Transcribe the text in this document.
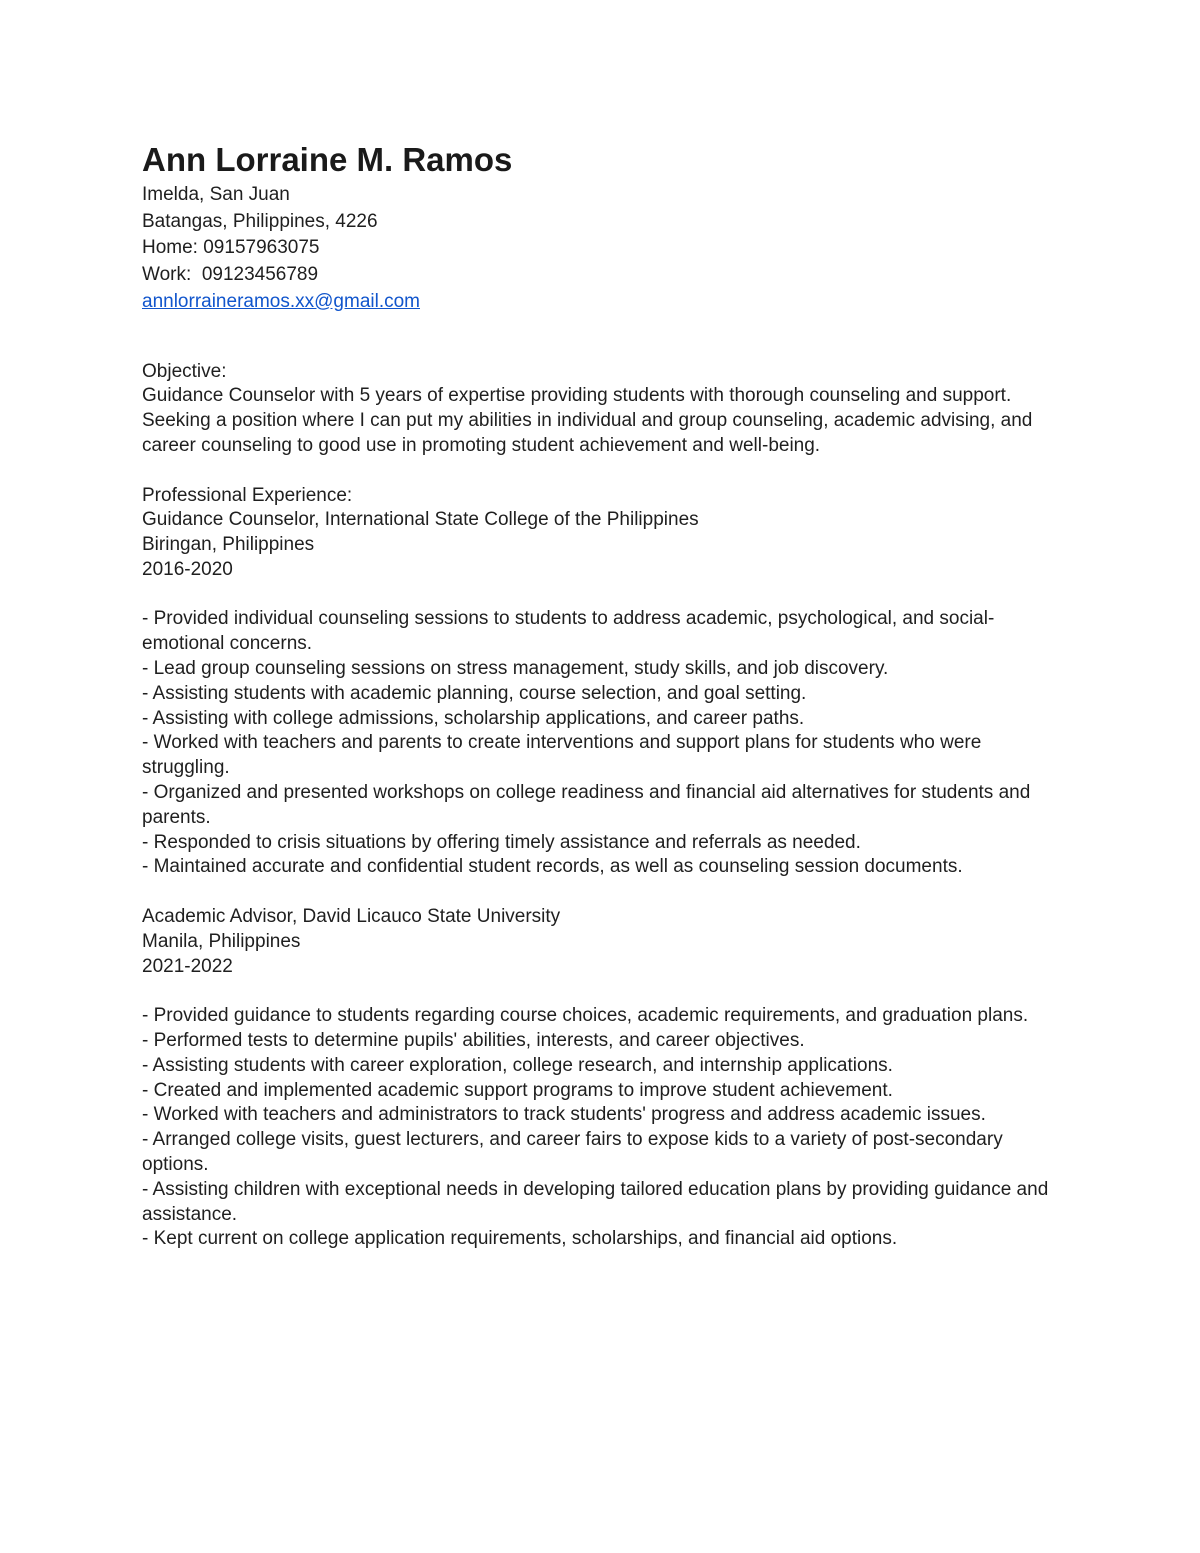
Ann Lorraine M. Ramos
Imelda, San Juan
Batangas, Philippines, 4226
Home: 09157963075
Work:  09123456789
annlorraineramos.xx@gmail.com
Objective:
Guidance Counselor with 5 years of expertise providing students with thorough counseling and support. Seeking a position where I can put my abilities in individual and group counseling, academic advising, and career counseling to good use in promoting student achievement and well-being.
Professional Experience:
Guidance Counselor, International State College of the Philippines
Biringan, Philippines
2016-2020
- Provided individual counseling sessions to students to address academic, psychological, and social-emotional concerns.
- Lead group counseling sessions on stress management, study skills, and job discovery.
- Assisting students with academic planning, course selection, and goal setting.
- Assisting with college admissions, scholarship applications, and career paths.
- Worked with teachers and parents to create interventions and support plans for students who were struggling.
- Organized and presented workshops on college readiness and financial aid alternatives for students and parents.
- Responded to crisis situations by offering timely assistance and referrals as needed.
- Maintained accurate and confidential student records, as well as counseling session documents.
Academic Advisor, David Licauco State University
Manila, Philippines
2021-2022
- Provided guidance to students regarding course choices, academic requirements, and graduation plans.
- Performed tests to determine pupils' abilities, interests, and career objectives.
- Assisting students with career exploration, college research, and internship applications.
- Created and implemented academic support programs to improve student achievement.
- Worked with teachers and administrators to track students' progress and address academic issues.
- Arranged college visits, guest lecturers, and career fairs to expose kids to a variety of post-secondary options.
- Assisting children with exceptional needs in developing tailored education plans by providing guidance and assistance.
- Kept current on college application requirements, scholarships, and financial aid options.
